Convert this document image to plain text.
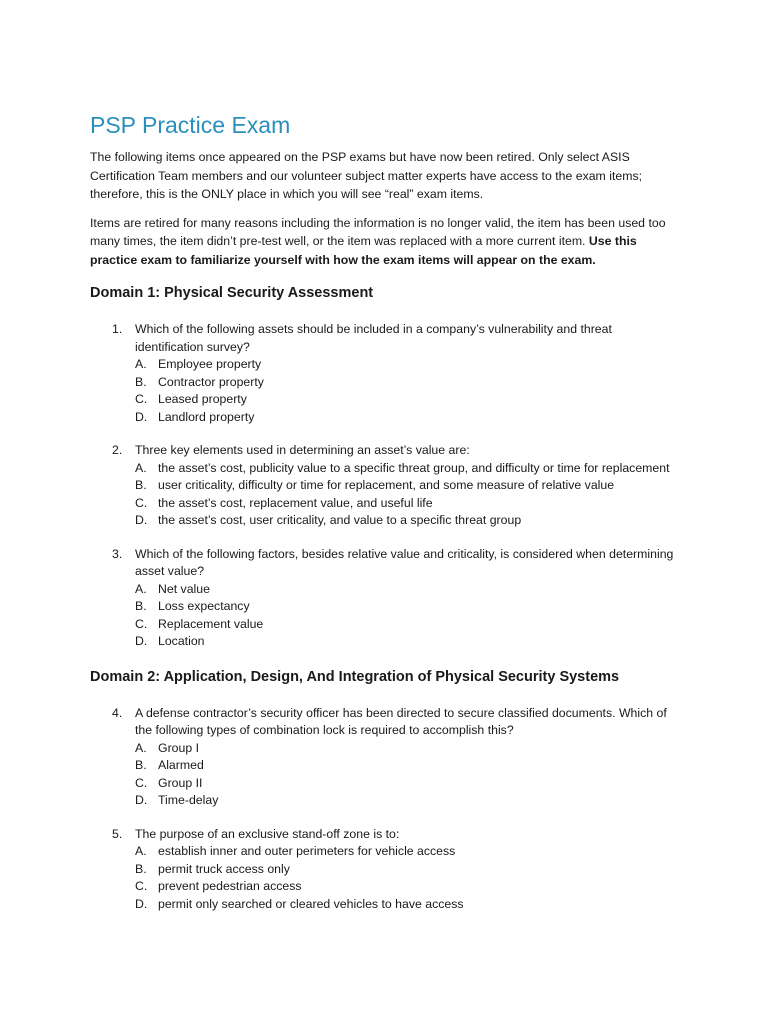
PSP Practice Exam

The following items once appeared on the PSP exams but have now been retired. Only select ASIS Certification Team members and our volunteer subject matter experts have access to the exam items; therefore, this is the ONLY place in which you will see “real” exam items.

Items are retired for many reasons including the information is no longer valid, the item has been used too many times, the item didn’t pre-test well, or the item was replaced with a more current item. Use this practice exam to familiarize yourself with how the exam items will appear on the exam.

Domain 1: Physical Security Assessment
1. Which of the following assets should be included in a company’s vulnerability and threat identification survey?
A. Employee property
B. Contractor property
C. Leased property
D. Landlord property
2. Three key elements used in determining an asset’s value are:
A. the asset’s cost, publicity value to a specific threat group, and difficulty or time for replacement
B. user criticality, difficulty or time for replacement, and some measure of relative value
C. the asset’s cost, replacement value, and useful life
D. the asset’s cost, user criticality, and value to a specific threat group
3. Which of the following factors, besides relative value and criticality, is considered when determining asset value?
A. Net value
B. Loss expectancy
C. Replacement value
D. Location
Domain 2: Application, Design, And Integration of Physical Security Systems
4. A defense contractor’s security officer has been directed to secure classified documents. Which of the following types of combination lock is required to accomplish this?
A. Group I
B. Alarmed
C. Group II
D. Time-delay
5. The purpose of an exclusive stand-off zone is to:
A. establish inner and outer perimeters for vehicle access
B. permit truck access only
C. prevent pedestrian access
D. permit only searched or cleared vehicles to have access
